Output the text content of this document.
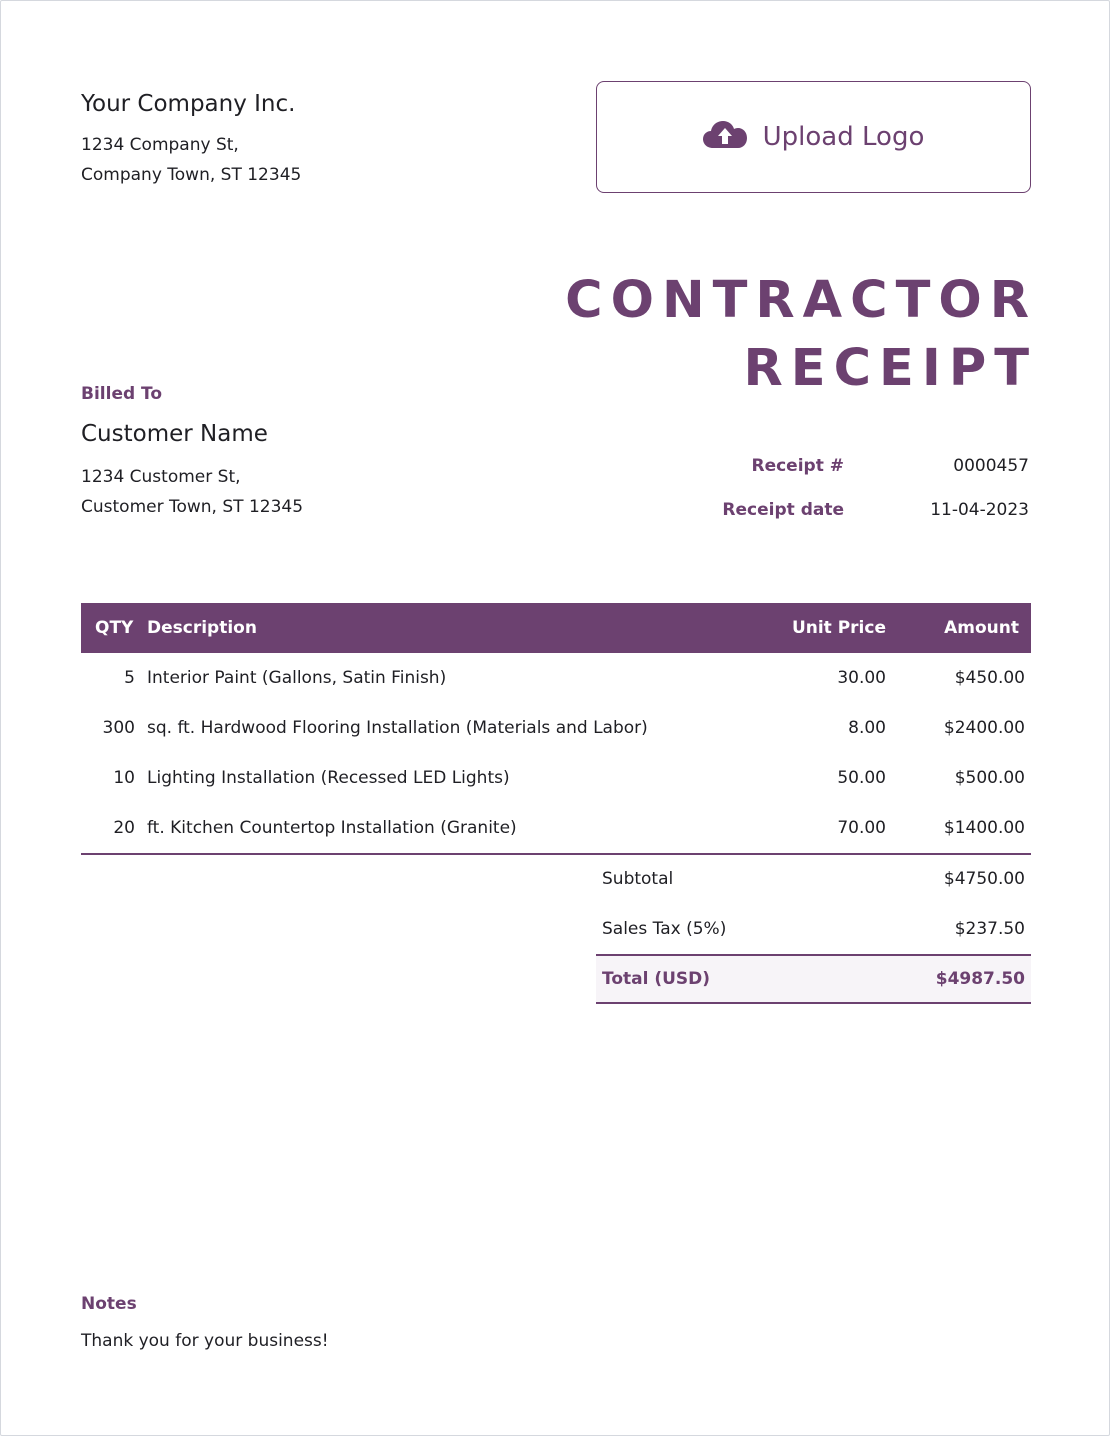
Your Company Inc.
1234 Company St,
Company Town, ST 12345
Upload Logo
CONTRACTOR
RECEIPT
Billed To
Customer Name
1234 Customer St,
Customer Town, ST 12345
Receipt #	0000457
Receipt date	11-04-2023
QTY Description	Unit Price	Amount
5 Interior Paint (Gallons, Satin Finish)	30.00	$450.00
300 sq. ft. Hardwood Flooring Installation (Materials and Labor)	8.00	$2400.00
10 Lighting Installation (Recessed LED Lights)	50.00	$500.00
20 ft. Kitchen Countertop Installation (Granite)	70.00	$1400.00
Subtotal	$4750.00
Sales Tax (5%)	$237.50
Total (USD)	$4987.50
Notes
Thank you for your business!
